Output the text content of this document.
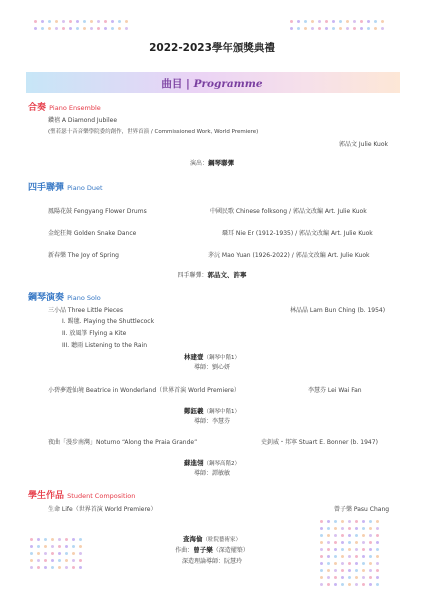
2022-2023學年頒獎典禮
曲目 | Programme
合奏 Piano Ensemble
鑽禧 A Diamond Jubilee
(聖若瑟十音音樂學院委約創作，世界首演 / Commissioned Work, World Premiere)
郭品文 Julie Kuok
演出：鋼琴聯彈
四手聯彈 Piano Duet
鳳陽花鼓 Fengyang Flower Drums	中國民歌 Chinese folksong / 郭品文改編 Art. Julie Kuok
金蛇狂舞 Golden Snake Dance	聶耳 Nie Er (1912-1935) / 郭品文改編 Art. Julie Kuok
新春樂 The Joy of Spring	茅沅 Mao Yuan (1926-2022) / 郭品文改編 Art. Julie Kuok
四手聯彈：郭品文、許寧
鋼琴演奏 Piano Solo
三小品 Three Little Pieces	林品晶 Lam Bun Ching (b. 1954)
I. 踢毽. Playing the Shuttlecock
II. 放風箏 Flying a Kite
III. 聽雨 Listening to the Rain
林建壹（鋼琴中階1）
導師：劉心妍
小碧夢遊仙境 Beatrice in Wonderland（世界首演 World Premiere）	李慧芬 Lei Wai Fan
鄭鈺羲（鋼琴中階1）
導師：李慧芬
夜曲「漫步南灣」Noturno “Along the Praia Grande”	史釗威・邦寧 Stuart E. Bonner (b. 1947)
蘇進翎（鋼琴高階2）
導師：譚敏敏
學生作品 Student Composition
生命 Life（世界首演 World Premiere）	曾子樂 Pasu Chang
查海倫（駐院藝術家）
作曲：曾子樂（深造擢築）
深造理論導師：阮慧玲
